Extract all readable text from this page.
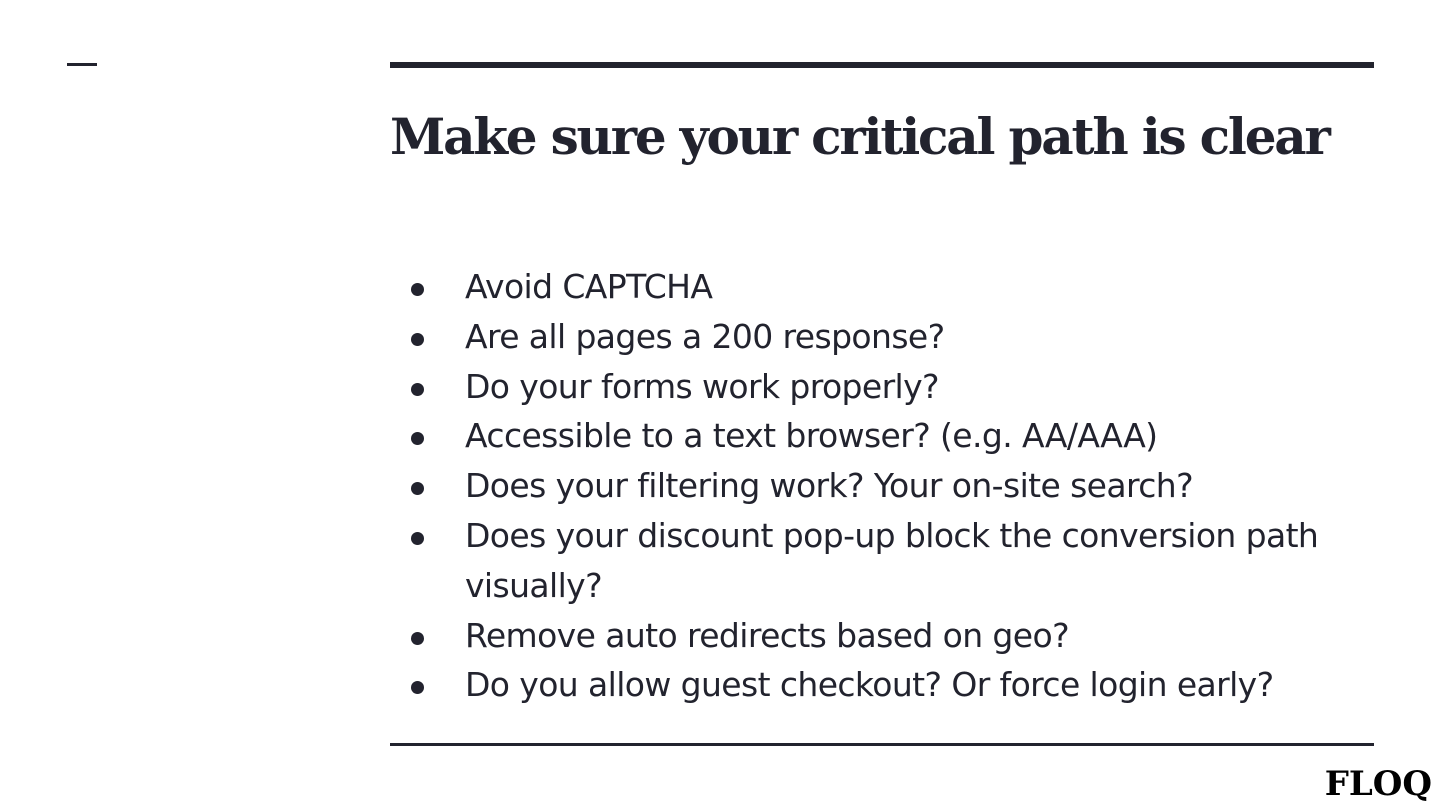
Make sure your critical path is clear
Avoid CAPTCHA
Are all pages a 200 response?
Do your forms work properly?
Accessible to a text browser? (e.g. AA/AAA)
Does your filtering work? Your on-site search?
Does your discount pop-up block the conversion path visually?
Remove auto redirects based on geo?
Do you allow guest checkout? Or force login early?
FLOQ
